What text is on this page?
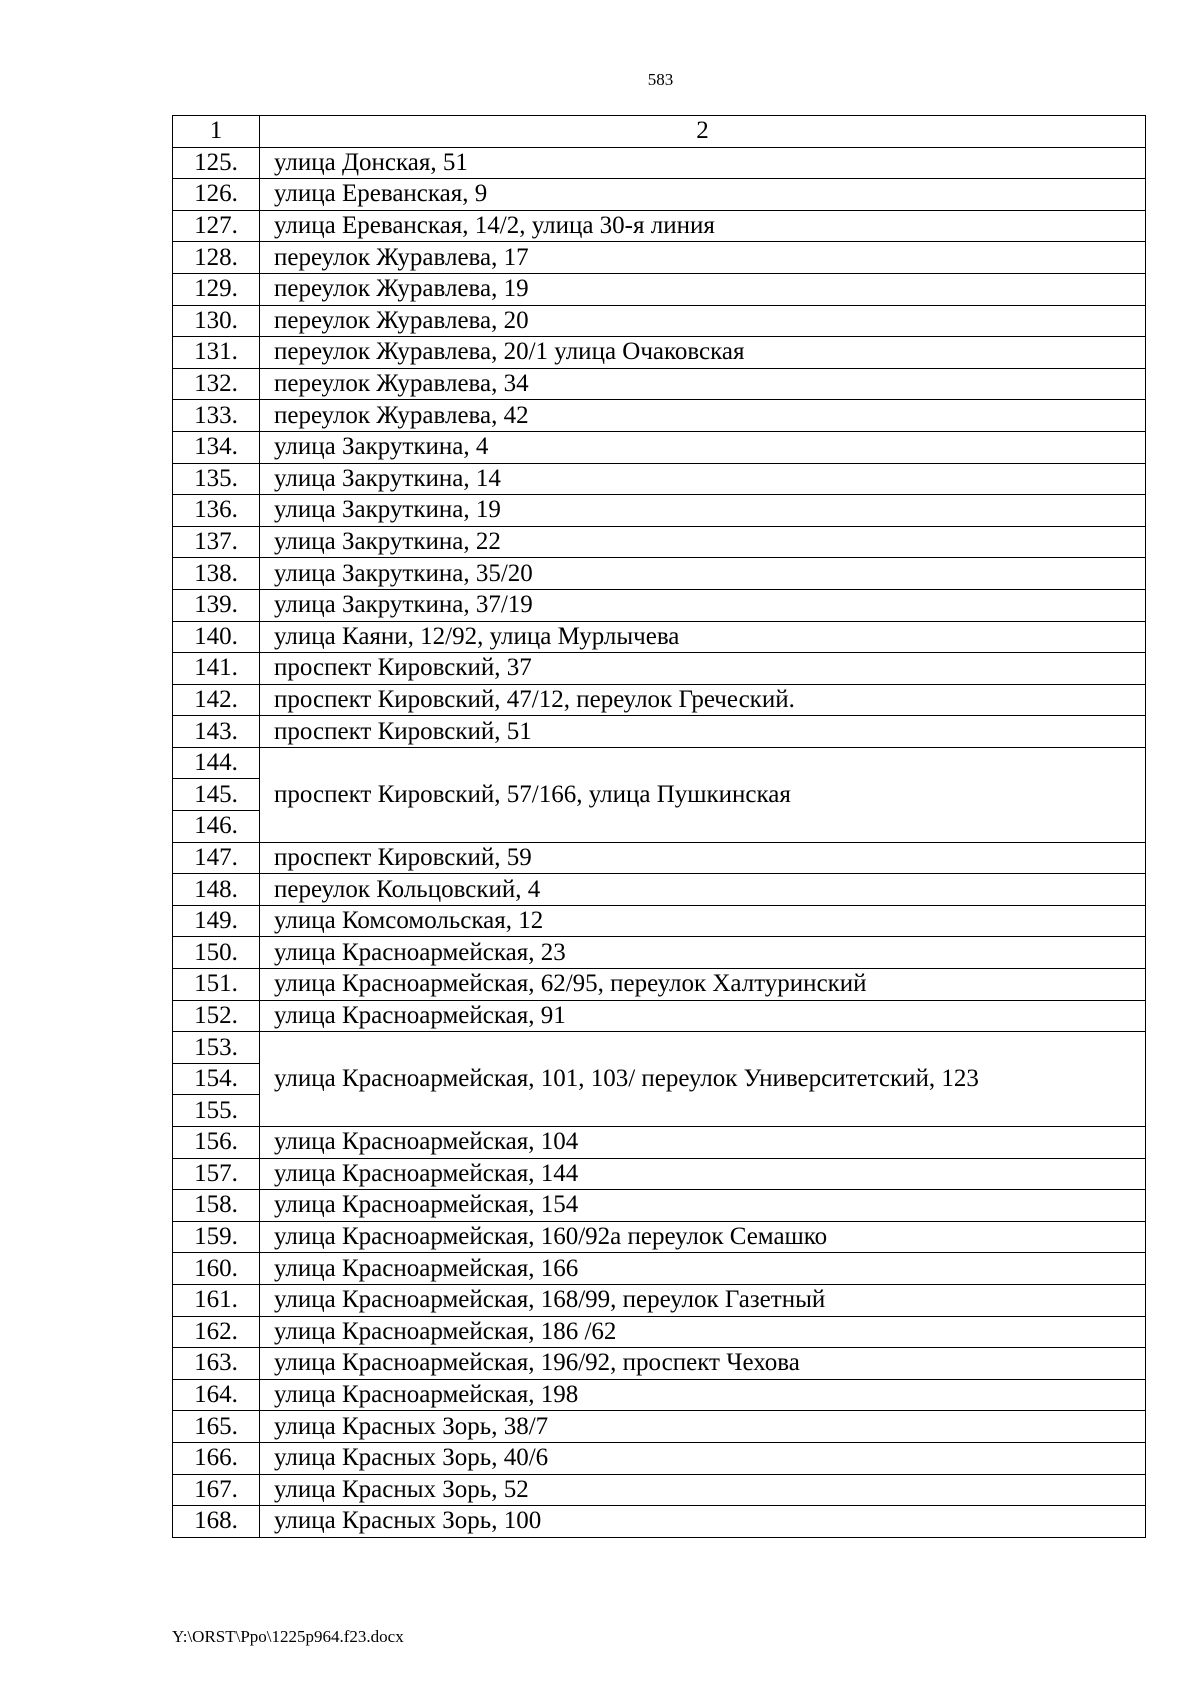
583
1	2
125.	улица Донская, 51
126.	улица Ереванская, 9
127.	улица Ереванская, 14/2, улица 30-я линия
128.	переулок Журавлева, 17
129.	переулок Журавлева, 19
130.	переулок Журавлева, 20
131.	переулок Журавлева, 20/1 улица Очаковская
132.	переулок Журавлева, 34
133.	переулок Журавлева, 42
134.	улица Закруткина, 4
135.	улица Закруткина, 14
136.	улица Закруткина, 19
137.	улица Закруткина, 22
138.	улица Закруткина, 35/20
139.	улица Закруткина, 37/19
140.	улица Каяни, 12/92, улица Мурлычева
141.	проспект Кировский, 37
142.	проспект Кировский, 47/12, переулок Греческий.
143.	проспект Кировский, 51
144.	проспект Кировский, 57/166, улица Пушкинская
145.	
146.	
147.	проспект Кировский, 59
148.	переулок Кольцовский, 4
149.	улица Комсомольская, 12
150.	улица Красноармейская, 23
151.	улица Красноармейская, 62/95, переулок Халтуринский
152.	улица Красноармейская, 91
153.	улица Красноармейская, 101, 103/ переулок Университетский, 123
154.	
155.	
156.	улица Красноармейская, 104
157.	улица Красноармейская, 144
158.	улица Красноармейская, 154
159.	улица Красноармейская, 160/92а переулок Семашко
160.	улица Красноармейская, 166
161.	улица Красноармейская, 168/99, переулок Газетный
162.	улица Красноармейская, 186 /62
163.	улица Красноармейская, 196/92, проспект Чехова
164.	улица Красноармейская, 198
165.	улица Красных Зорь, 38/7
166.	улица Красных Зорь, 40/6
167.	улица Красных Зорь, 52
168.	улица Красных Зорь, 100
Y:\ORST\Ppo\1225p964.f23.docx
